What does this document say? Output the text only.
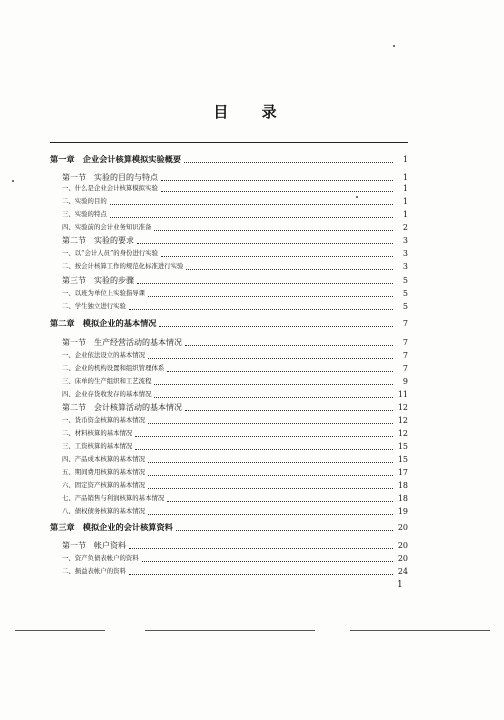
目 录
第一章　企业会计核算模拟实验概要	1
第一节　实验的目的与特点	1
一、什么是企业会计核算模拟实验	1
二、实验的目的	1
三、实验的特点	1
四、实验前的会计业务知识准备	2
第二节　实验的要求	3
一、以“会计人员”的身份进行实验	3
二、按会计核算工作的规范化标准进行实验	3
第三节　实验的步骤	5
一、以班为单位上实验指导课	5
二、学生独立进行实验	5
第二章　模拟企业的基本情况	7
第一节　生产经营活动的基本情况	7
一、企业依法设立的基本情况	7
二、企业的机构设置和组织管理体系	7
三、床单的生产组织和工艺流程	9
四、企业存货收发存的基本情况	11
第二节　会计核算活动的基本情况	12
一、货币资金核算的基本情况	12
二、材料核算的基本情况	12
三、工资核算的基本情况	15
四、产品成本核算的基本情况	15
五、期间费用核算的基本情况	17
六、固定资产核算的基本情况	18
七、产品销售与利润核算的基本情况	18
八、债权债务核算的基本情况	19
第三章　模拟企业的会计核算资料	20
第一节　帐户资料	20
一、资产负债表帐户的资料	20
二、损益表帐户的资料	24
1
